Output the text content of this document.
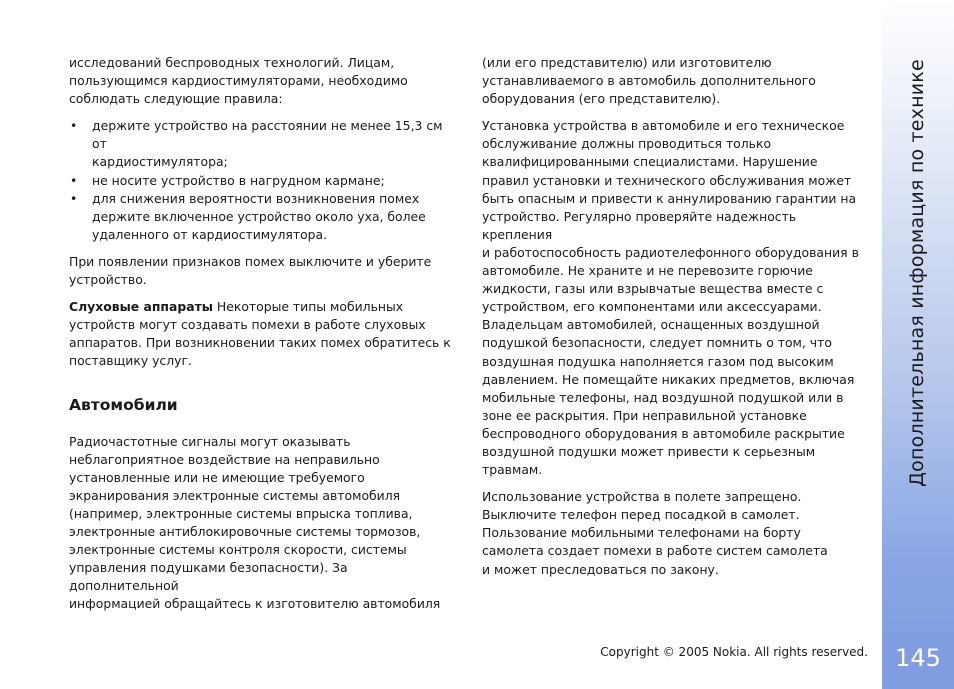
исследований беспроводных технологий. Лицам,
пользующимся кардиостимуляторами, необходимо
соблюдать следующие правила:

• держите устройство на расстоянии не менее 15,3 см от
кардиостимулятора;
• не носите устройство в нагрудном кармане;
• для снижения вероятности возникновения помех
держите включенное устройство около уха, более
удаленного от кардиостимулятора.

При появлении признаков помех выключите и уберите
устройство.

Слуховые аппараты Некоторые типы мобильных
устройств могут создавать помехи в работе слуховых
аппаратов. При возникновении таких помех обратитесь к
поставщику услуг.

Автомобили

Радиочастотные сигналы могут оказывать
неблагоприятное воздействие на неправильно
установленные или не имеющие требуемого
экранирования электронные системы автомобиля
(например, электронные системы впрыска топлива,
электронные антиблокировочные системы тормозов,
электронные системы контроля скорости, системы
управления подушками безопасности). За дополнительной
информацией обращайтесь к изготовителю автомобиля

(или его представителю) или изготовителю
устанавливаемого в автомобиль дополнительного
оборудования (его представителю).

Установка устройства в автомобиле и его техническое
обслуживание должны проводиться только
квалифицированными специалистами. Нарушение
правил установки и технического обслуживания может
быть опасным и привести к аннулированию гарантии на
устройство. Регулярно проверяйте надежность крепления
и работоспособность радиотелефонного оборудования в
автомобиле. Не храните и не перевозите горючие
жидкости, газы или взрывчатые вещества вместе с
устройством, его компонентами или аксессуарами.
Владельцам автомобилей, оснащенных воздушной
подушкой безопасности, следует помнить о том, что
воздушная подушка наполняется газом под высоким
давлением. Не помещайте никаких предметов, включая
мобильные телефоны, над воздушной подушкой или в
зоне ее раскрытия. При неправильной установке
беспроводного оборудования в автомобиле раскрытие
воздушной подушки может привести к серьезным
травмам.

Использование устройства в полете запрещено.
Выключите телефон перед посадкой в самолет.
Пользование мобильными телефонами на борту
самолета создает помехи в работе систем самолета
и может преследоваться по закону.

Дополнительная информация по технике
145
Copyright © 2005 Nokia. All rights reserved.
